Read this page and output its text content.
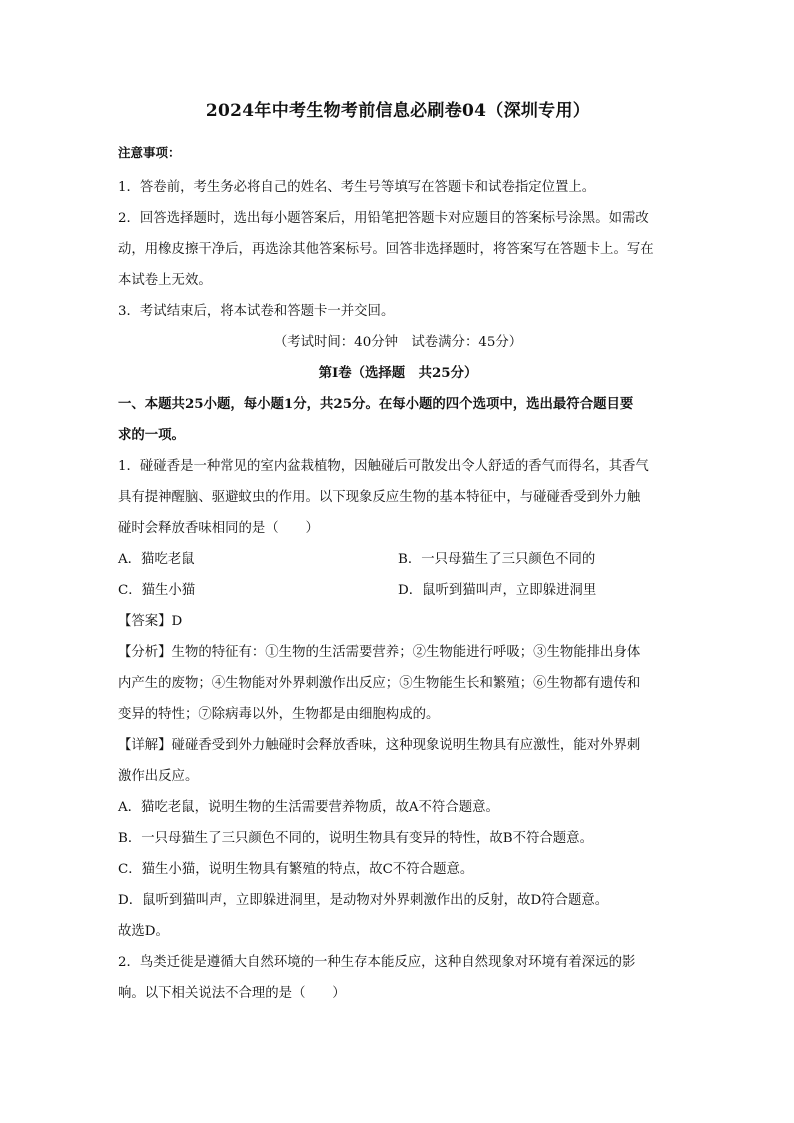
2024年中考生物考前信息必刷卷04（深圳专用）
注意事项：

1．答卷前，考生务必将自己的姓名、考生号等填写在答题卡和试卷指定位置上。

2．回答选择题时，选出每小题答案后，用铅笔把答题卡对应题目的答案标号涂黑。如需改

动，用橡皮擦干净后，再选涂其他答案标号。回答非选择题时，将答案写在答题卡上。写在

本试卷上无效。

3．考试结束后，将本试卷和答题卡一并交回。

（考试时间：40分钟　试卷满分：45分）

第Ⅰ卷（选择题　共25分）

一、本题共25小题，每小题1分，共25分。在每小题的四个选项中，选出最符合题目要

求的一项。

1．碰碰香是一种常见的室内盆栽植物，因触碰后可散发出令人舒适的香气而得名，其香气

具有提神醒脑、驱避蚊虫的作用。以下现象反应生物的基本特征中，与碰碰香受到外力触

碰时会释放香味相同的是（　　）

A．猫吃老鼠	B．一只母猫生了三只颜色不同的
C．猫生小猫	D．鼠听到猫叫声，立即躲进洞里

【答案】D

【分析】生物的特征有：①生物的生活需要营养；②生物能进行呼吸；③生物能排出身体

内产生的废物；④生物能对外界刺激作出反应；⑤生物能生长和繁殖；⑥生物都有遗传和

变异的特性；⑦除病毒以外，生物都是由细胞构成的。

【详解】碰碰香受到外力触碰时会释放香味，这种现象说明生物具有应激性，能对外界刺

激作出反应。

A．猫吃老鼠，说明生物的生活需要营养物质，故A不符合题意。

B．一只母猫生了三只颜色不同的，说明生物具有变异的特性，故B不符合题意。

C．猫生小猫，说明生物具有繁殖的特点，故C不符合题意。

D．鼠听到猫叫声，立即躲进洞里，是动物对外界刺激作出的反射，故D符合题意。

故选D。

2．鸟类迁徙是遵循大自然环境的一种生存本能反应，这种自然现象对环境有着深远的影

响。以下相关说法不合理的是（　　）
